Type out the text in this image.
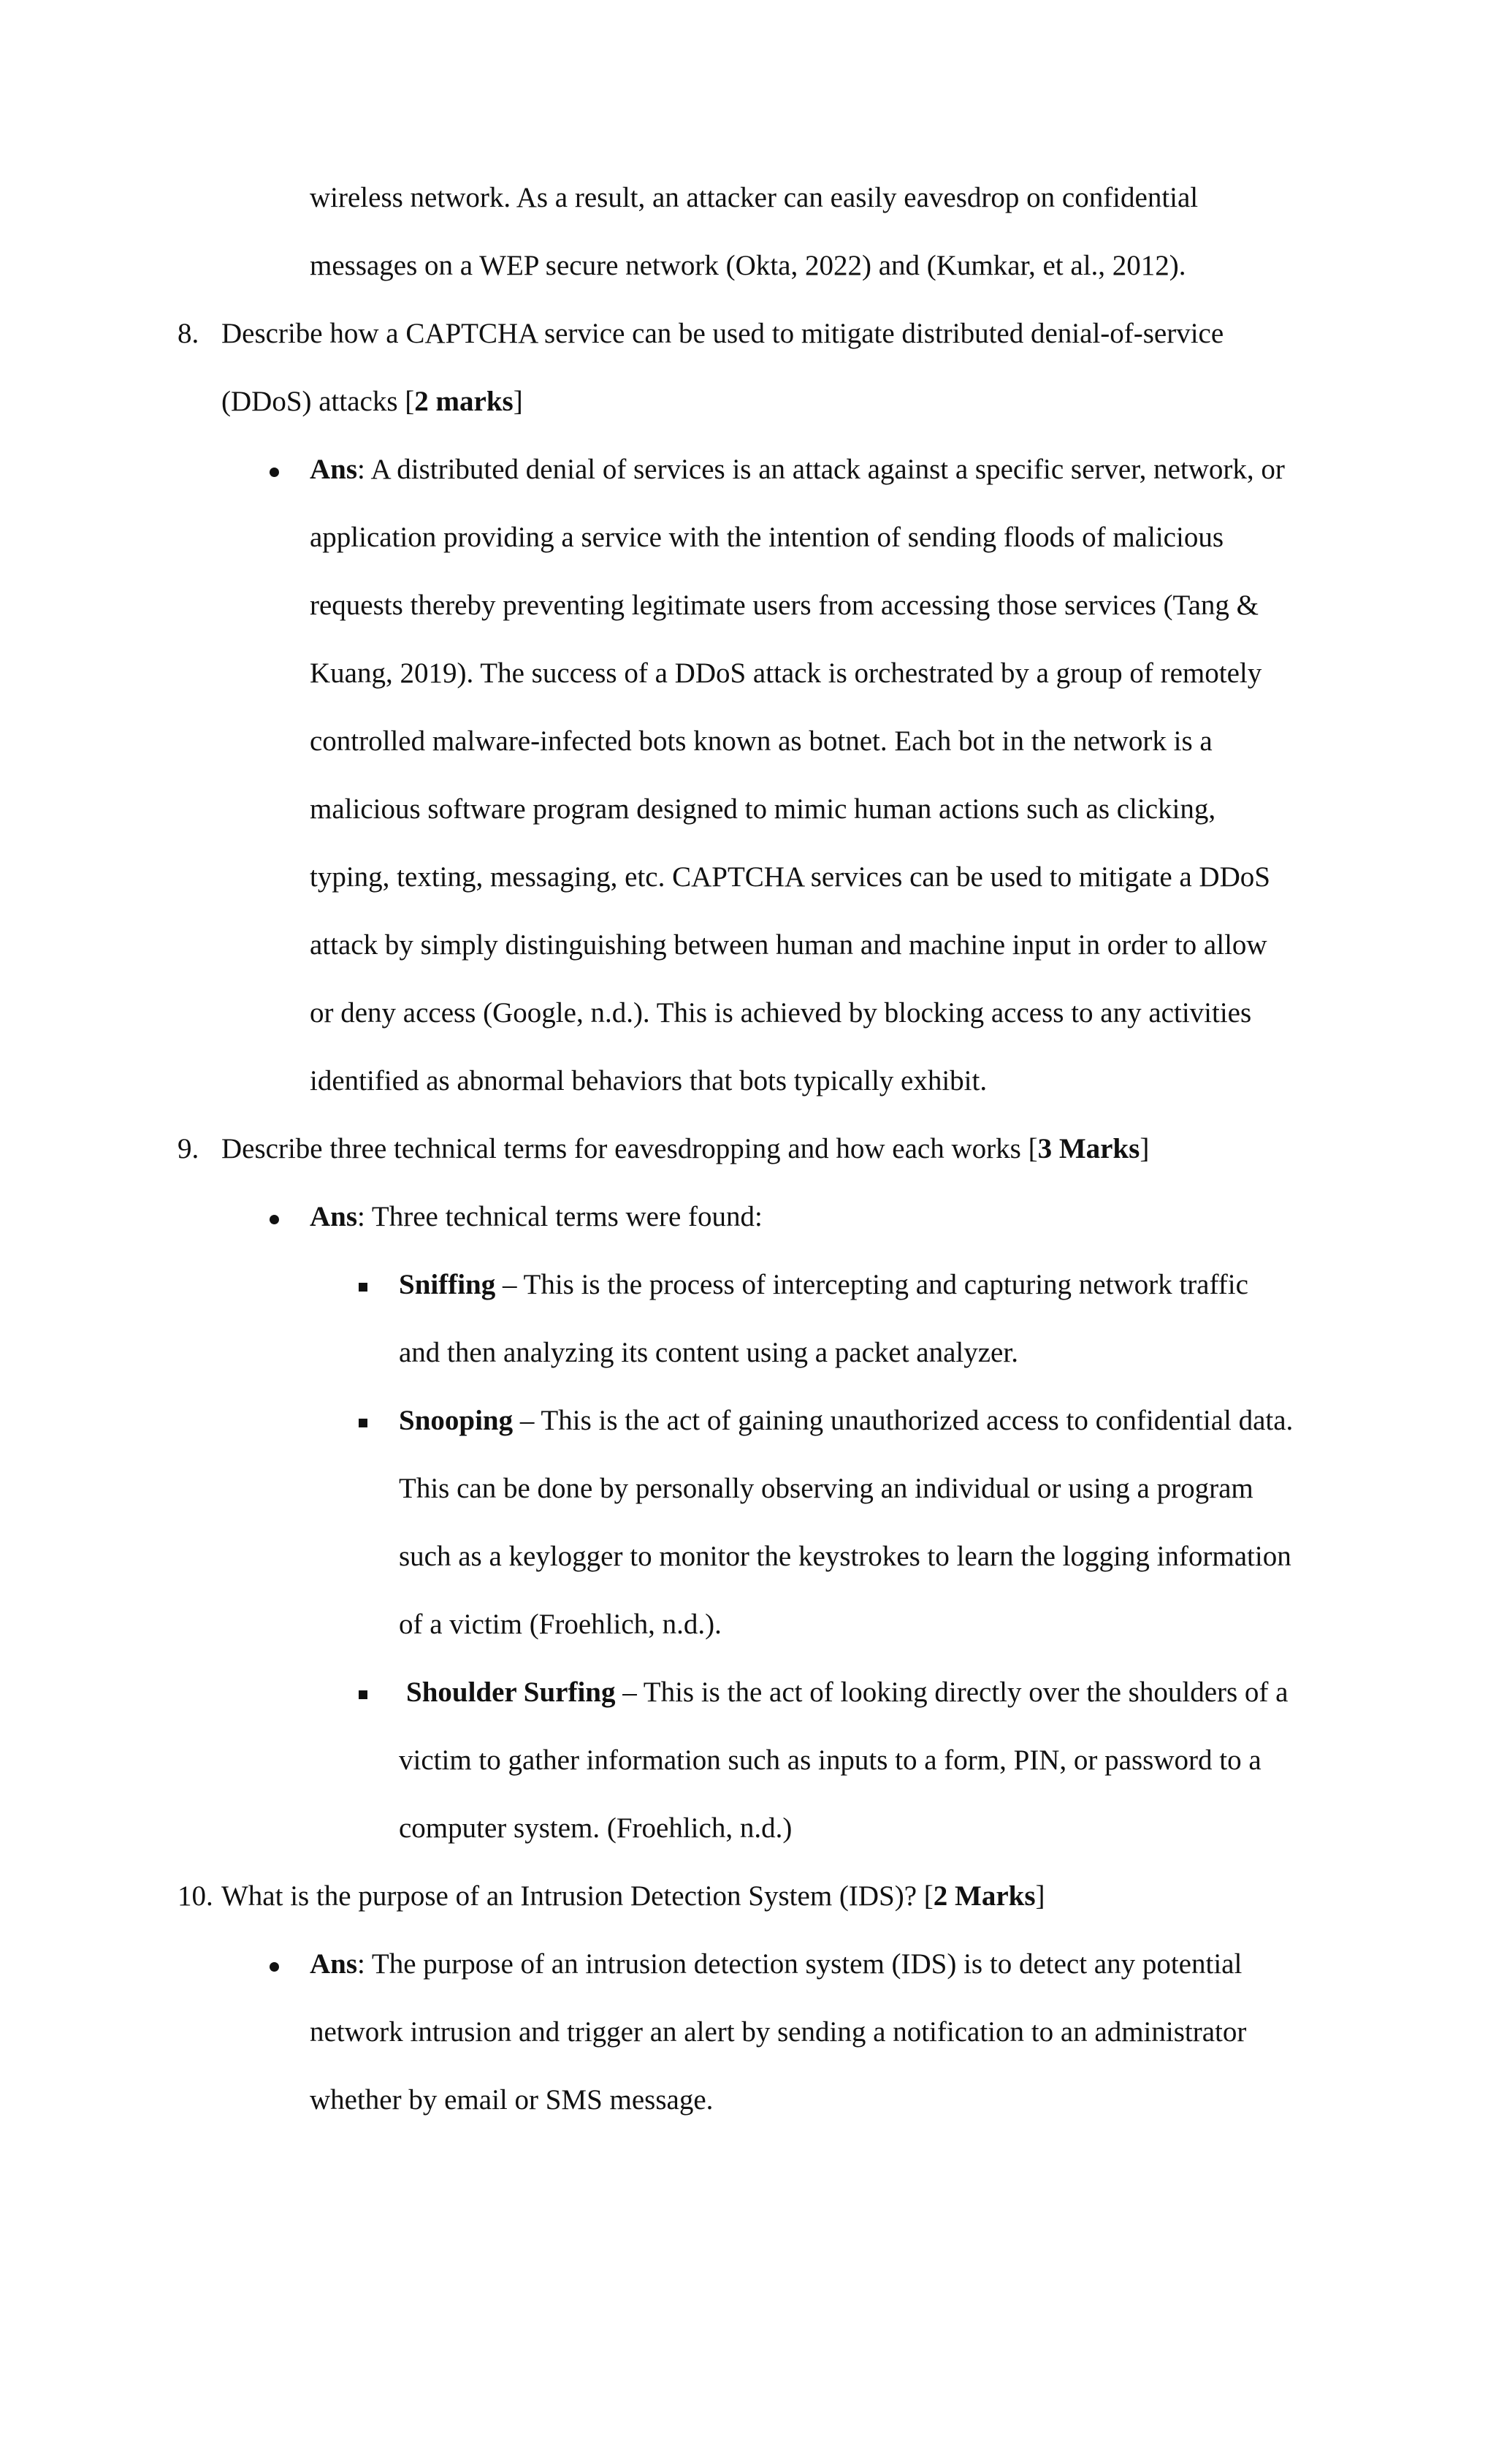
wireless network. As a result, an attacker can easily eavesdrop on confidential
messages on a WEP secure network (Okta, 2022) and (Kumkar, et al., 2012).
8. Describe how a CAPTCHA service can be used to mitigate distributed denial-of-service
(DDoS) attacks [2 marks]
Ans: A distributed denial of services is an attack against a specific server, network, or
application providing a service with the intention of sending floods of malicious
requests thereby preventing legitimate users from accessing those services (Tang &
Kuang, 2019). The success of a DDoS attack is orchestrated by a group of remotely
controlled malware-infected bots known as botnet. Each bot in the network is a
malicious software program designed to mimic human actions such as clicking,
typing, texting, messaging, etc. CAPTCHA services can be used to mitigate a DDoS
attack by simply distinguishing between human and machine input in order to allow
or deny access (Google, n.d.). This is achieved by blocking access to any activities
identified as abnormal behaviors that bots typically exhibit.
9. Describe three technical terms for eavesdropping and how each works [3 Marks]
Ans: Three technical terms were found:
Sniffing – This is the process of intercepting and capturing network traffic
and then analyzing its content using a packet analyzer.
Snooping – This is the act of gaining unauthorized access to confidential data.
This can be done by personally observing an individual or using a program
such as a keylogger to monitor the keystrokes to learn the logging information
of a victim (Froehlich, n.d.).
Shoulder Surfing – This is the act of looking directly over the shoulders of a
victim to gather information such as inputs to a form, PIN, or password to a
computer system. (Froehlich, n.d.)
10. What is the purpose of an Intrusion Detection System (IDS)? [2 Marks]
Ans: The purpose of an intrusion detection system (IDS) is to detect any potential
network intrusion and trigger an alert by sending a notification to an administrator
whether by email or SMS message.
